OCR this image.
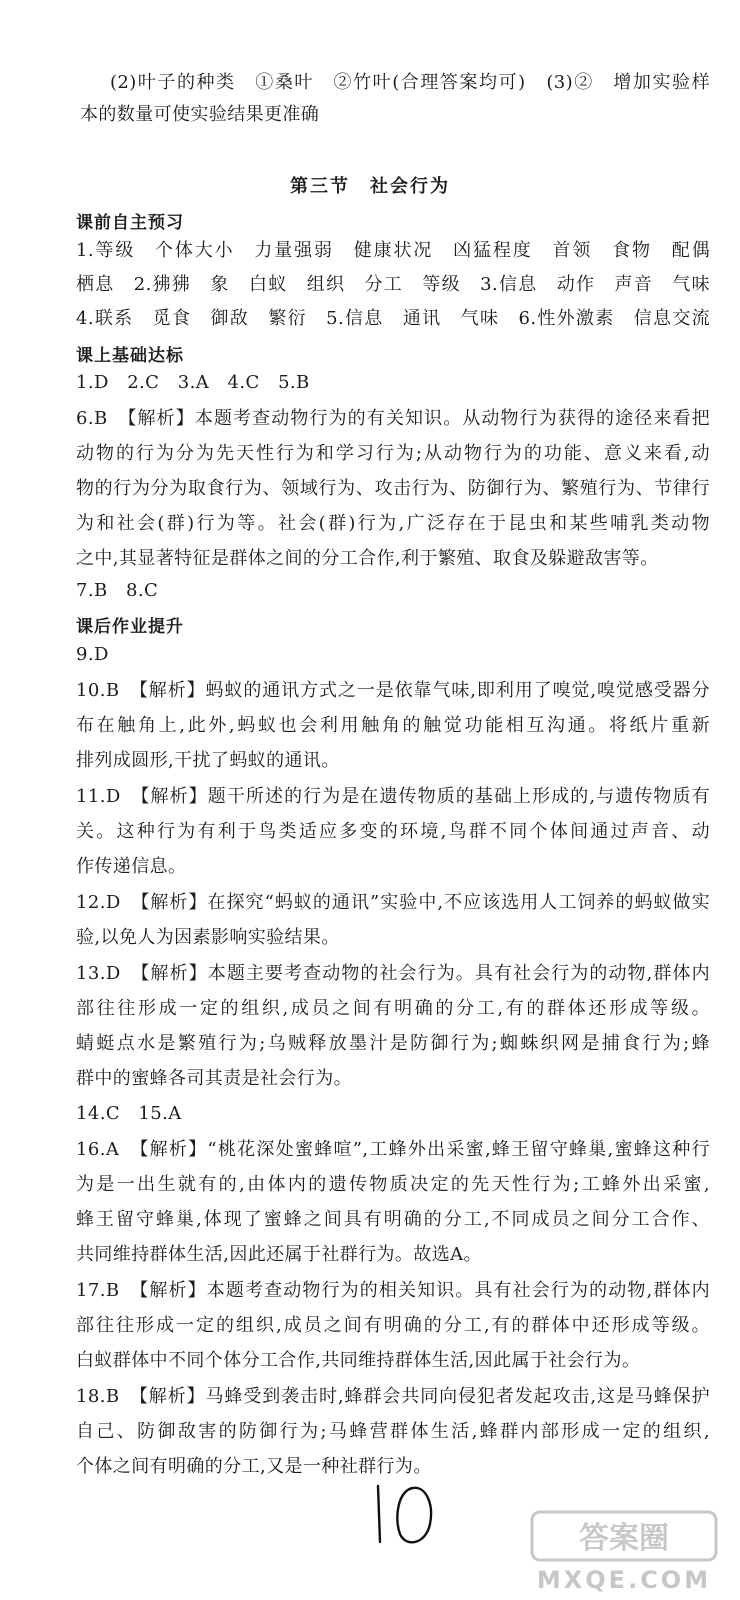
(2)叶子的种类　①桑叶　②竹叶(合理答案均可)　(3)②　增加实验样
本的数量可使实验结果更准确
第三节　社会行为
课前自主预习
1.等级　个体大小　力量强弱　健康状况　凶猛程度　首领　食物　配偶
栖息　2.狒狒　象　白蚁　组织　分工　等级　3.信息　动作　声音　气味
4.联系　觅食　御敌　繁衍　5.信息　通讯　气味　6.性外激素　信息交流
课上基础达标
1.D　2.C　3.A　4.C　5.B
6.B　【解析】本题考查动物行为的有关知识。从动物行为获得的途径来看把
动物的行为分为先天性行为和学习行为;从动物行为的功能、意义来看,动
物的行为分为取食行为、领域行为、攻击行为、防御行为、繁殖行为、节律行
为和社会(群)行为等。社会(群)行为,广泛存在于昆虫和某些哺乳类动物
之中,其显著特征是群体之间的分工合作,利于繁殖、取食及躲避敌害等。
7.B　8.C
课后作业提升
9.D
10.B　【解析】蚂蚁的通讯方式之一是依靠气味,即利用了嗅觉,嗅觉感受器分
布在触角上,此外,蚂蚁也会利用触角的触觉功能相互沟通。将纸片重新
排列成圆形,干扰了蚂蚁的通讯。
11.D　【解析】题干所述的行为是在遗传物质的基础上形成的,与遗传物质有
关。这种行为有利于鸟类适应多变的环境,鸟群不同个体间通过声音、动
作传递信息。
12.D　【解析】在探究“蚂蚁的通讯”实验中,不应该选用人工饲养的蚂蚁做实
验,以免人为因素影响实验结果。
13.D　【解析】本题主要考查动物的社会行为。具有社会行为的动物,群体内
部往往形成一定的组织,成员之间有明确的分工,有的群体还形成等级。
蜻蜓点水是繁殖行为;乌贼释放墨汁是防御行为;蜘蛛织网是捕食行为;蜂
群中的蜜蜂各司其责是社会行为。
14.C　15.A
16.A　【解析】“桃花深处蜜蜂喧”,工蜂外出采蜜,蜂王留守蜂巢,蜜蜂这种行
为是一出生就有的,由体内的遗传物质决定的先天性行为;工蜂外出采蜜,
蜂王留守蜂巢,体现了蜜蜂之间具有明确的分工,不同成员之间分工合作、
共同维持群体生活,因此还属于社群行为。故选A。
17.B　【解析】本题考查动物行为的相关知识。具有社会行为的动物,群体内
部往往形成一定的组织,成员之间有明确的分工,有的群体中还形成等级。
白蚁群体中不同个体分工合作,共同维持群体生活,因此属于社会行为。
18.B　【解析】马蜂受到袭击时,蜂群会共同向侵犯者发起攻击,这是马蜂保护
自己、防御敌害的防御行为;马蜂营群体生活,蜂群内部形成一定的组织,
个体之间有明确的分工,又是一种社群行为。
答案圈
MXQE.COM
